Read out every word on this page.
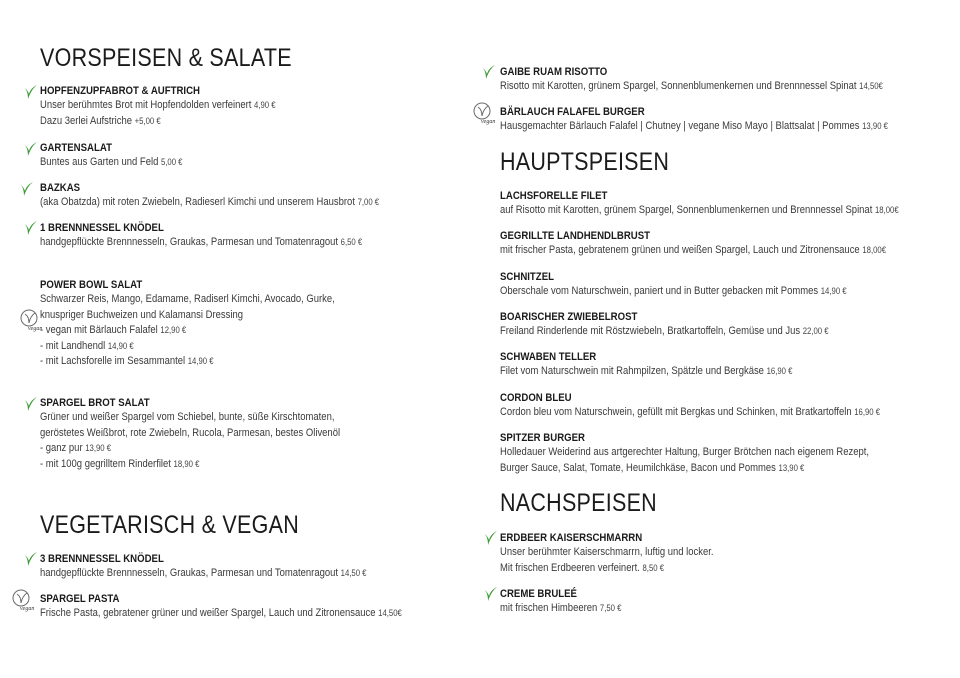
VORSPEISEN & SALATE
HOPFENZUPFABROT & AUFTRICH
Unser berühmtes Brot mit Hopfendolden verfeinert 4,90 €
Dazu 3erlei Aufstriche +5,00 €
GARTENSALAT
Buntes aus Garten und Feld 5,00 €
BAZKAS
(aka Obatzda) mit roten Zwiebeln, Radieserl Kimchi und unserem Hausbrot 7,00 €
1 BRENNNESSEL KNÖDEL
handgepflückte Brennnesseln, Graukas, Parmesan und Tomatenragout 6,50 €
vegan
POWER BOWL SALAT
Schwarzer Reis, Mango, Edamame, Radiserl Kimchi, Avocado, Gurke,
knuspriger Buchweizen und Kalamansi Dressing
- vegan mit Bärlauch Falafel 12,90 €
- mit Landhendl 14,90 €
- mit Lachsforelle im Sesammantel 14,90 €
SPARGEL BROT SALAT
Grüner und weißer Spargel vom Schiebel, bunte, süße Kirschtomaten,
geröstetes Weißbrot, rote Zwiebeln, Rucola, Parmesan, bestes Olivenöl
- ganz pur 13,90 €
- mit 100g gegrilltem Rinderfilet 18,90 €
VEGETARISCH & VEGAN
3 BRENNNESSEL KNÖDEL
handgepflückte Brennnesseln, Graukas, Parmesan und Tomatenragout 14,50 €
vegan
SPARGEL PASTA
Frische Pasta, gebratener grüner und weißer Spargel, Lauch und Zitronensauce 14,50€
GAIBE RUAM RISOTTO
Risotto mit Karotten, grünem Spargel, Sonnenblumenkernen und Brennnessel Spinat 14,50€
vegan
BÄRLAUCH FALAFEL BURGER
Hausgemachter Bärlauch Falafel | Chutney | vegane Miso Mayo | Blattsalat | Pommes 13,90 €
HAUPTSPEISEN
LACHSFORELLE FILET
auf Risotto mit Karotten, grünem Spargel, Sonnenblumenkernen und Brennnessel Spinat 18,00€
GEGRILLTE LANDHENDLBRUST
mit frischer Pasta, gebratenem grünen und weißen Spargel, Lauch und Zitronensauce 18,00€
SCHNITZEL
Oberschale vom Naturschwein, paniert und in Butter gebacken mit Pommes 14,90 €
BOARISCHER ZWIEBELROST
Freiland Rinderlende mit Röstzwiebeln, Bratkartoffeln, Gemüse und Jus 22,00 €
SCHWABEN TELLER
Filet vom Naturschwein mit Rahmpilzen, Spätzle und Bergkäse 16,90 €
CORDON BLEU
Cordon bleu vom Naturschwein, gefüllt mit Bergkas und Schinken, mit Bratkartoffeln 16,90 €
SPITZER BURGER
Holledauer Weiderind aus artgerechter Haltung, Burger Brötchen nach eigenem Rezept,
Burger Sauce, Salat, Tomate, Heumilchkäse, Bacon und Pommes 13,90 €
NACHSPEISEN
ERDBEER KAISERSCHMARRN
Unser berühmter Kaiserschmarrn, luftig und locker.
Mit frischen Erdbeeren verfeinert. 8,50 €
CREME BRULEÉ
mit frischen Himbeeren 7,50 €
